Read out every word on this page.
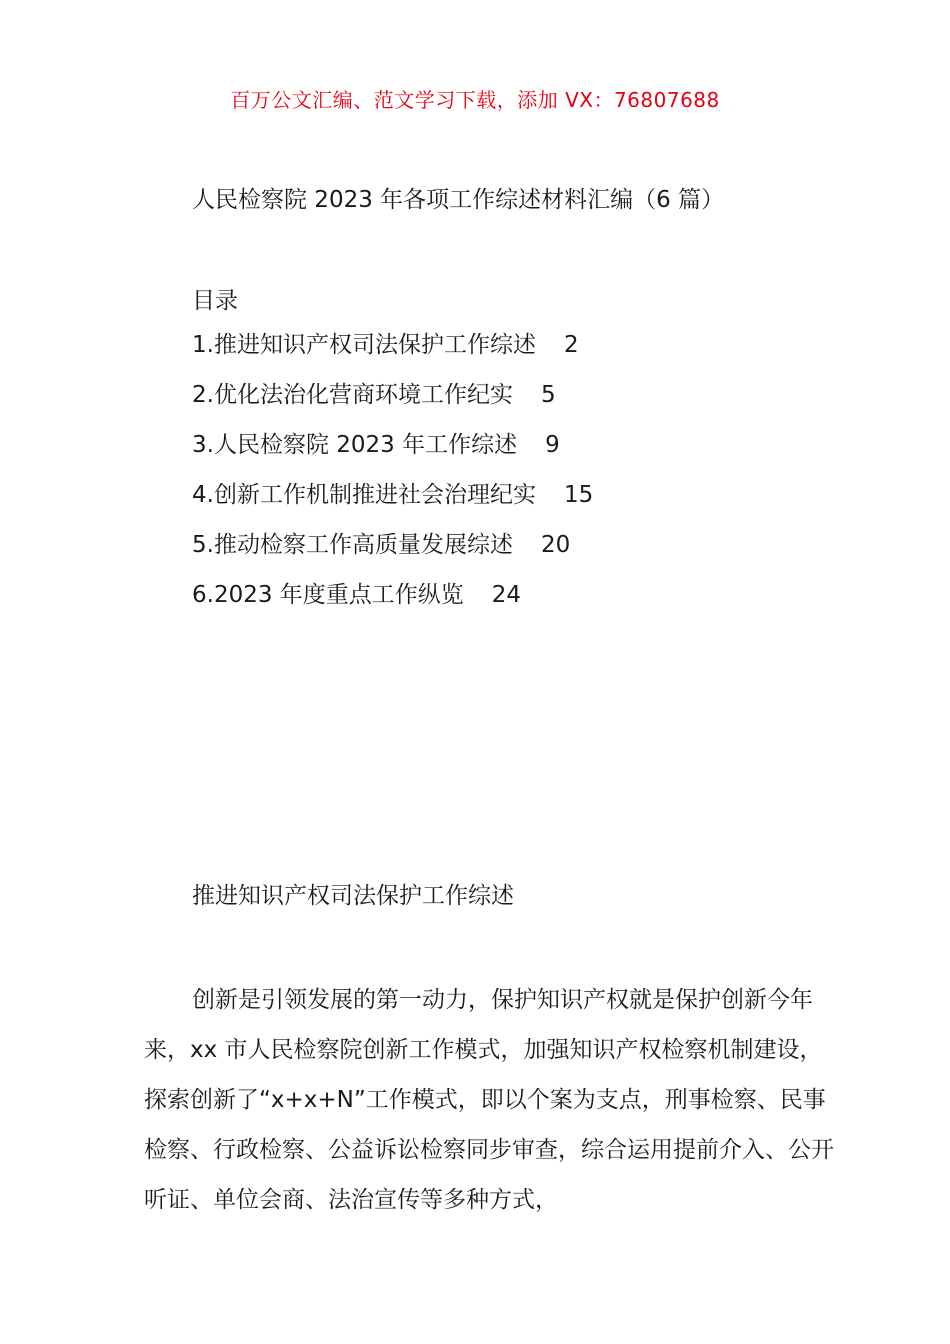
百万公文汇编、范文学习下载，添加 VX：76807688
人民检察院 2023 年各项工作综述材料汇编（6 篇）
目录
1.推进知识产权司法保护工作综述 2
2.优化法治化营商环境工作纪实 5
3.人民检察院 2023 年工作综述 9
4.创新工作机制推进社会治理纪实 15
5.推动检察工作高质量发展综述 20
6.2023 年度重点工作纵览 24
推进知识产权司法保护工作综述

创新是引领发展的第一动力，保护知识产权就是保护创新今年来，xx 市人民检察院创新工作模式，加强知识产权检察机制建设，探索创新了“x+x+N”工作模式，即以个案为支点，刑事检察、民事检察、行政检察、公益诉讼检察同步审查，综合运用提前介入、公开听证、单位会商、法治宣传等多种方式，
